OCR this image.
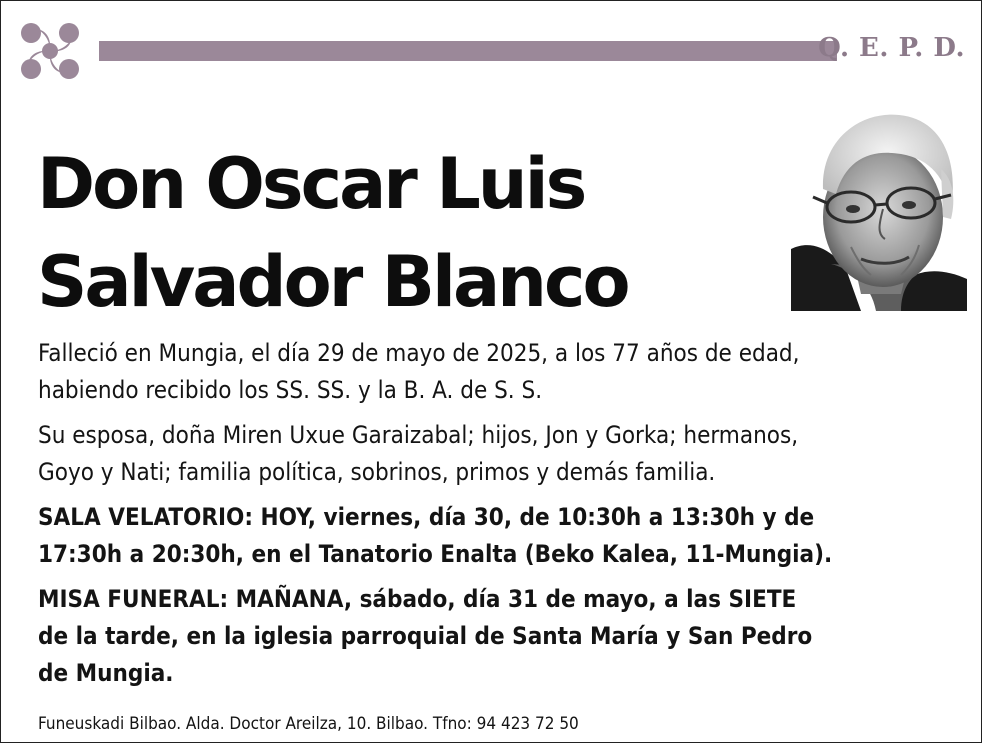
Q. E. P. D.
Don Oscar Luis
Salvador Blanco
Falleció en Mungia, el día 29 de mayo de 2025, a los 77 años de edad,
habiendo recibido los SS. SS. y la B. A. de S. S.
Su esposa, doña Miren Uxue Garaizabal; hijos, Jon y Gorka; hermanos,
Goyo y Nati; familia política, sobrinos, primos y demás familia.
SALA VELATORIO: HOY, viernes, día 30, de 10:30h a 13:30h y de
17:30h a 20:30h, en el Tanatorio Enalta (Beko Kalea, 11-Mungia).
MISA FUNERAL: MAÑANA, sábado, día 31 de mayo, a las SIETE
de la tarde, en la iglesia parroquial de Santa María y San Pedro
de Mungia.
Funeuskadi Bilbao. Alda. Doctor Areilza, 10. Bilbao. Tfno: 94 423 72 50
